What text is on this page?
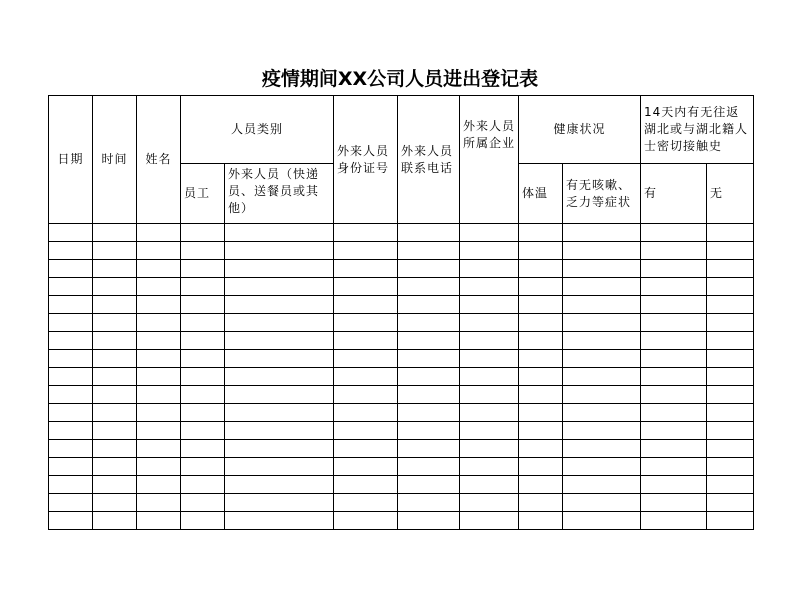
疫情期间XX公司人员进出登记表
日期	时间	姓名	人员类别		外来人员身份证号	外来人员联系电话	外来人员所属企业	健康状况		14天内有无往返湖北或与湖北籍人士密切接触史	
			员工	外来人员（快递员、送餐员或其他）				体温	有无咳嗽、乏力等症状	有	无
